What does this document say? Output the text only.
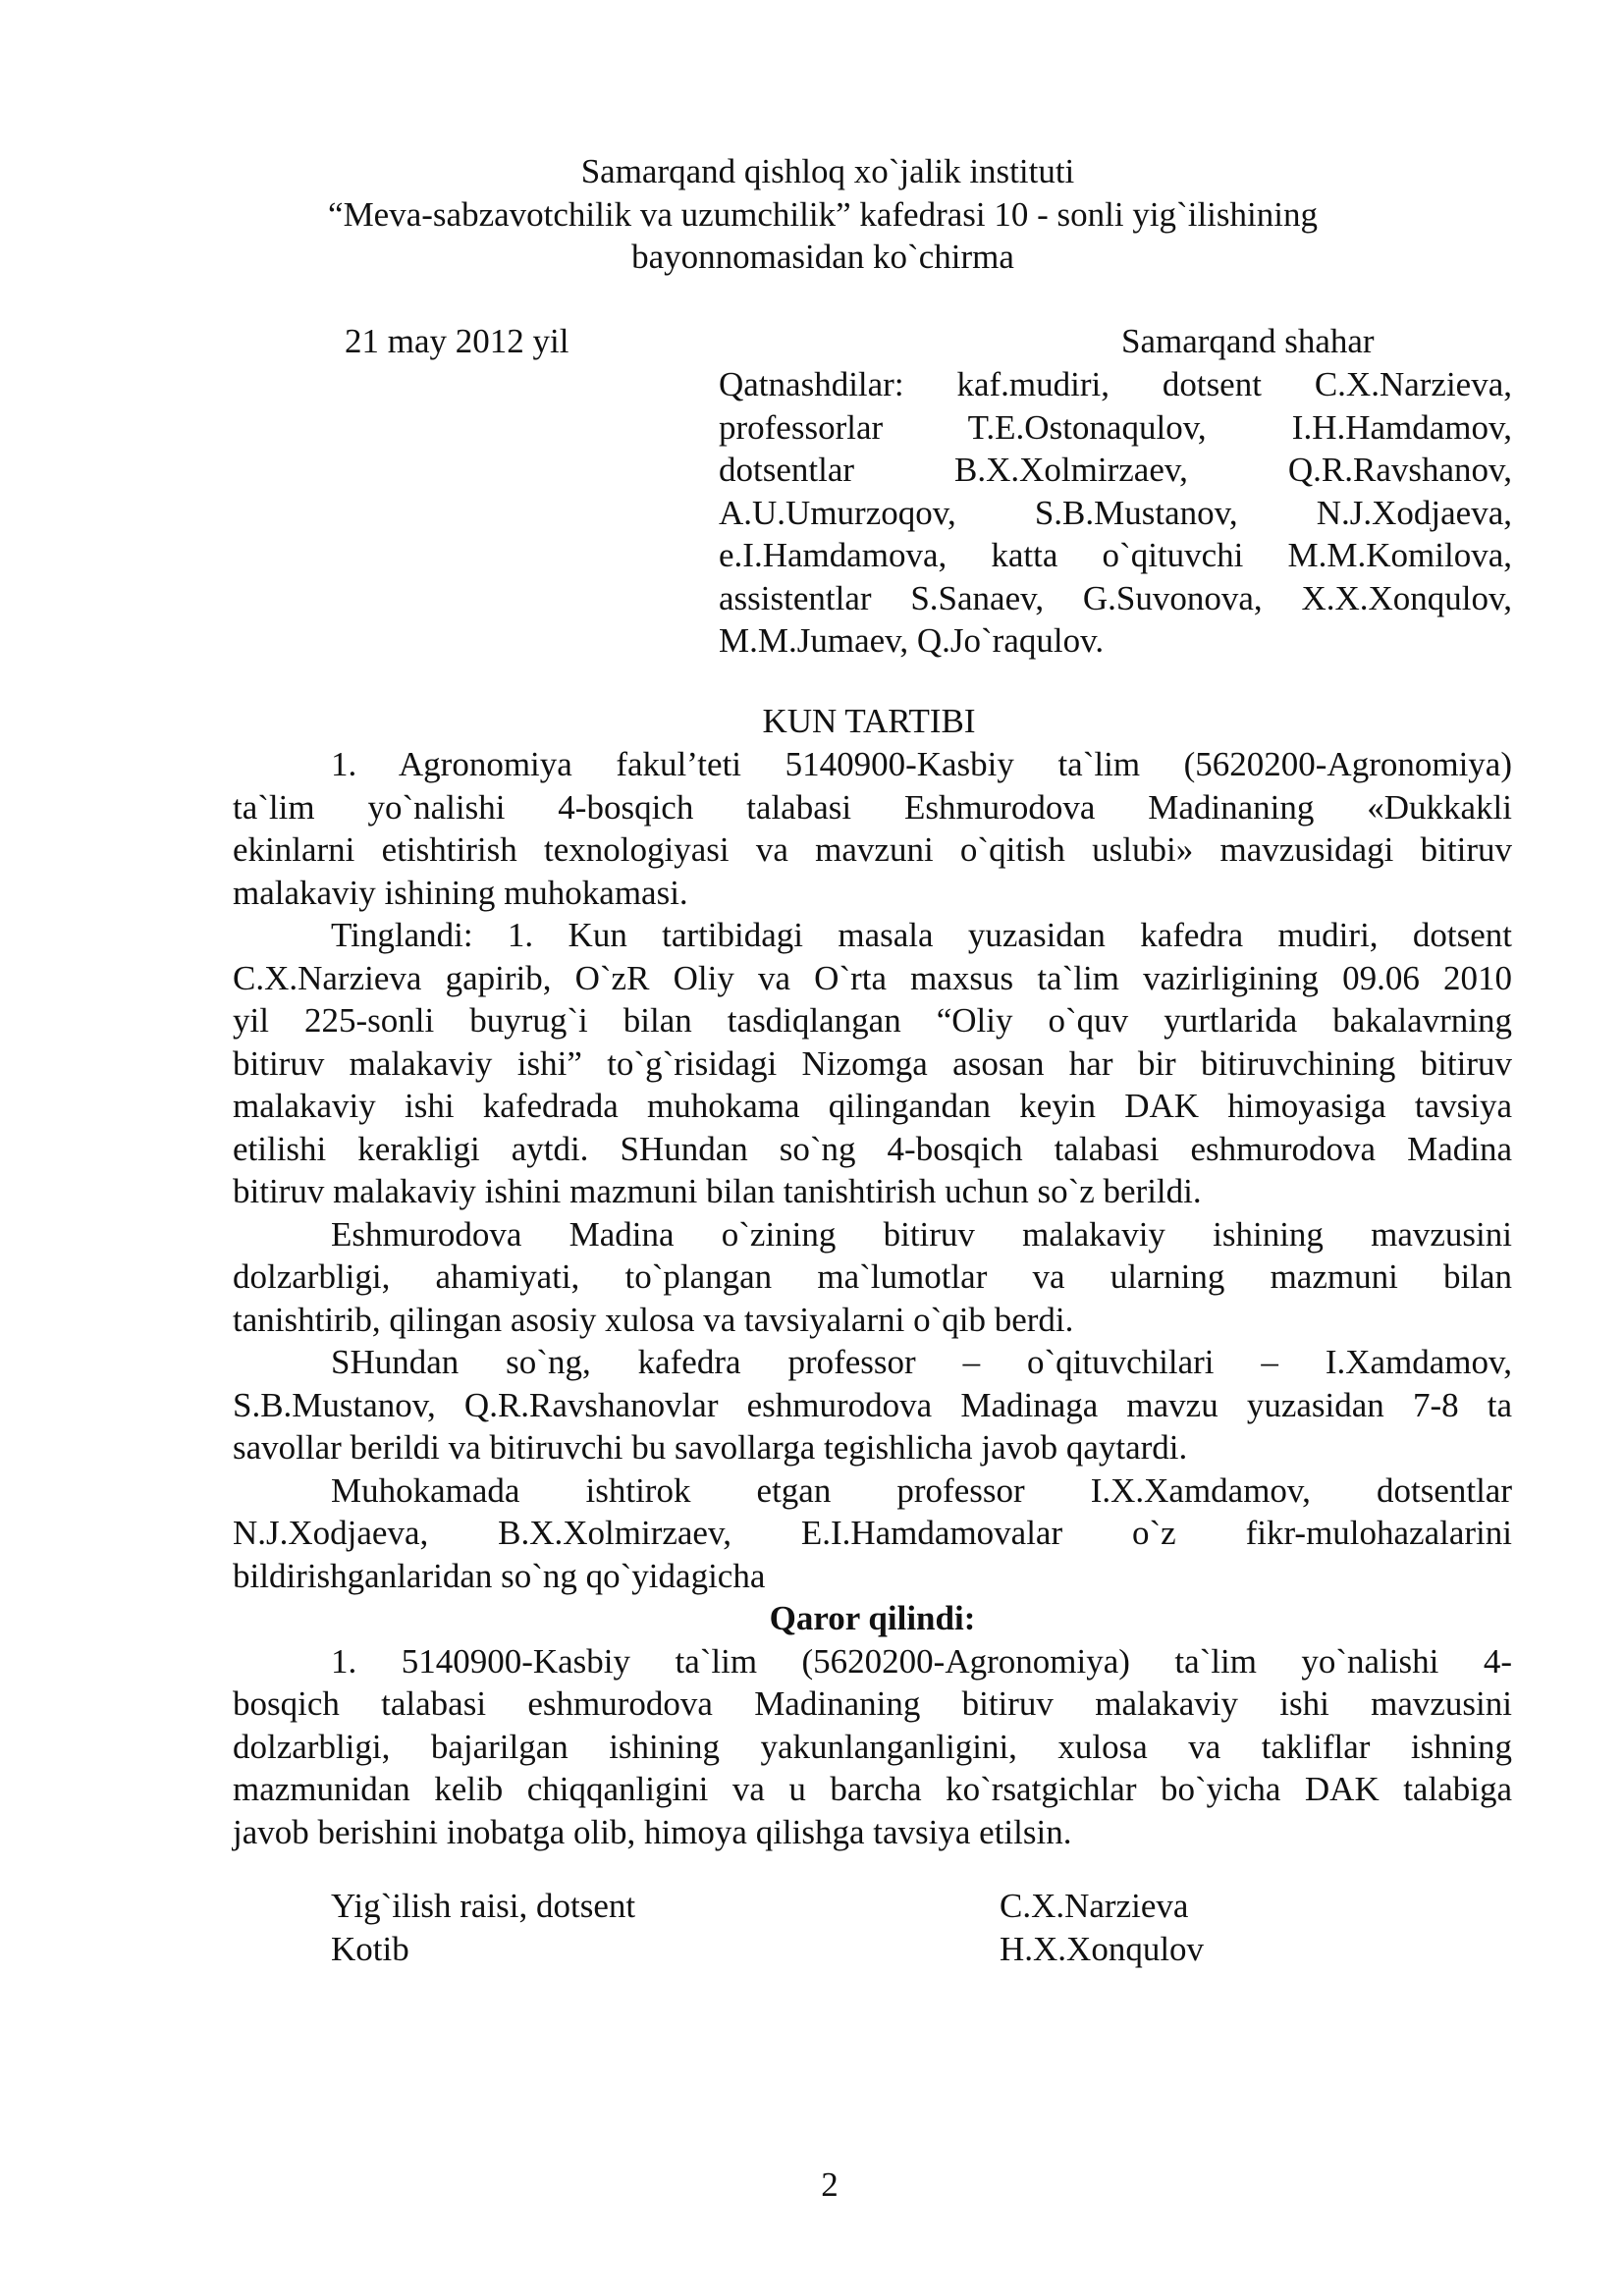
Samarqand qishloq xo`jalik instituti
“Meva-sabzavotchilik va uzumchilik” kafedrasi 10 - sonli yig`ilishining
bayonnomasidan ko`chirma
21 may 2012 yil	Samarqand shahar
Qatnashdilar: kaf.mudiri, dotsent C.X.Narzieva,
professorlar T.E.Ostonaqulov, I.H.Hamdamov,
dotsentlar B.X.Xolmirzaev, Q.R.Ravshanov,
A.U.Umurzoqov, S.B.Mustanov, N.J.Xodjaeva,
e.I.Hamdamova, katta o`qituvchi M.M.Komilova,
assistentlar S.Sanaev, G.Suvonova, X.X.Xonqulov,
M.M.Jumaev, Q.Jo`raqulov.
KUN TARTIBI
1. Agronomiya fakul’teti 5140900-Kasbiy ta`lim (5620200-Agronomiya)
ta`lim yo`nalishi 4-bosqich talabasi Eshmurodova Madinaning «Dukkakli
ekinlarni etishtirish texnologiyasi va mavzuni o`qitish uslubi» mavzusidagi bitiruv
malakaviy ishining muhokamasi.
Tinglandi: 1. Kun tartibidagi masala yuzasidan kafedra mudiri, dotsent
C.X.Narzieva gapirib, O`zR Oliy va O`rta maxsus ta`lim vazirligining 09.06 2010
yil 225-sonli buyrug`i bilan tasdiqlangan “Oliy o`quv yurtlarida bakalavrning
bitiruv malakaviy ishi” to`g`risidagi Nizomga asosan har bir bitiruvchining bitiruv
malakaviy ishi kafedrada muhokama qilingandan keyin DAK himoyasiga tavsiya
etilishi kerakligi aytdi. SHundan so`ng 4-bosqich talabasi eshmurodova Madina
bitiruv malakaviy ishini mazmuni bilan tanishtirish uchun so`z berildi.
Eshmurodova Madina o`zining bitiruv malakaviy ishining mavzusini
dolzarbligi, ahamiyati, to`plangan ma`lumotlar va ularning mazmuni bilan
tanishtirib, qilingan asosiy xulosa va tavsiyalarni o`qib berdi.
SHundan so`ng, kafedra professor – o`qituvchilari – I.Xamdamov,
S.B.Mustanov, Q.R.Ravshanovlar eshmurodova Madinaga mavzu yuzasidan 7-8 ta
savollar berildi va bitiruvchi bu savollarga tegishlicha javob qaytardi.
Muhokamada ishtirok etgan professor I.X.Xamdamov, dotsentlar
N.J.Xodjaeva, B.X.Xolmirzaev, E.I.Hamdamovalar o`z fikr-mulohazalarini
bildirishganlaridan so`ng qo`yidagicha
Qaror qilindi:
1. 5140900-Kasbiy ta`lim (5620200-Agronomiya) ta`lim yo`nalishi 4-
bosqich talabasi eshmurodova Madinaning bitiruv malakaviy ishi mavzusini
dolzarbligi, bajarilgan ishining yakunlanganligini, xulosa va takliflar ishning
mazmunidan kelib chiqqanligini va u barcha ko`rsatgichlar bo`yicha DAK talabiga
javob berishini inobatga olib, himoya qilishga tavsiya etilsin.
Yig`ilish raisi, dotsent	C.X.Narzieva
Kotib	H.X.Xonqulov
2
